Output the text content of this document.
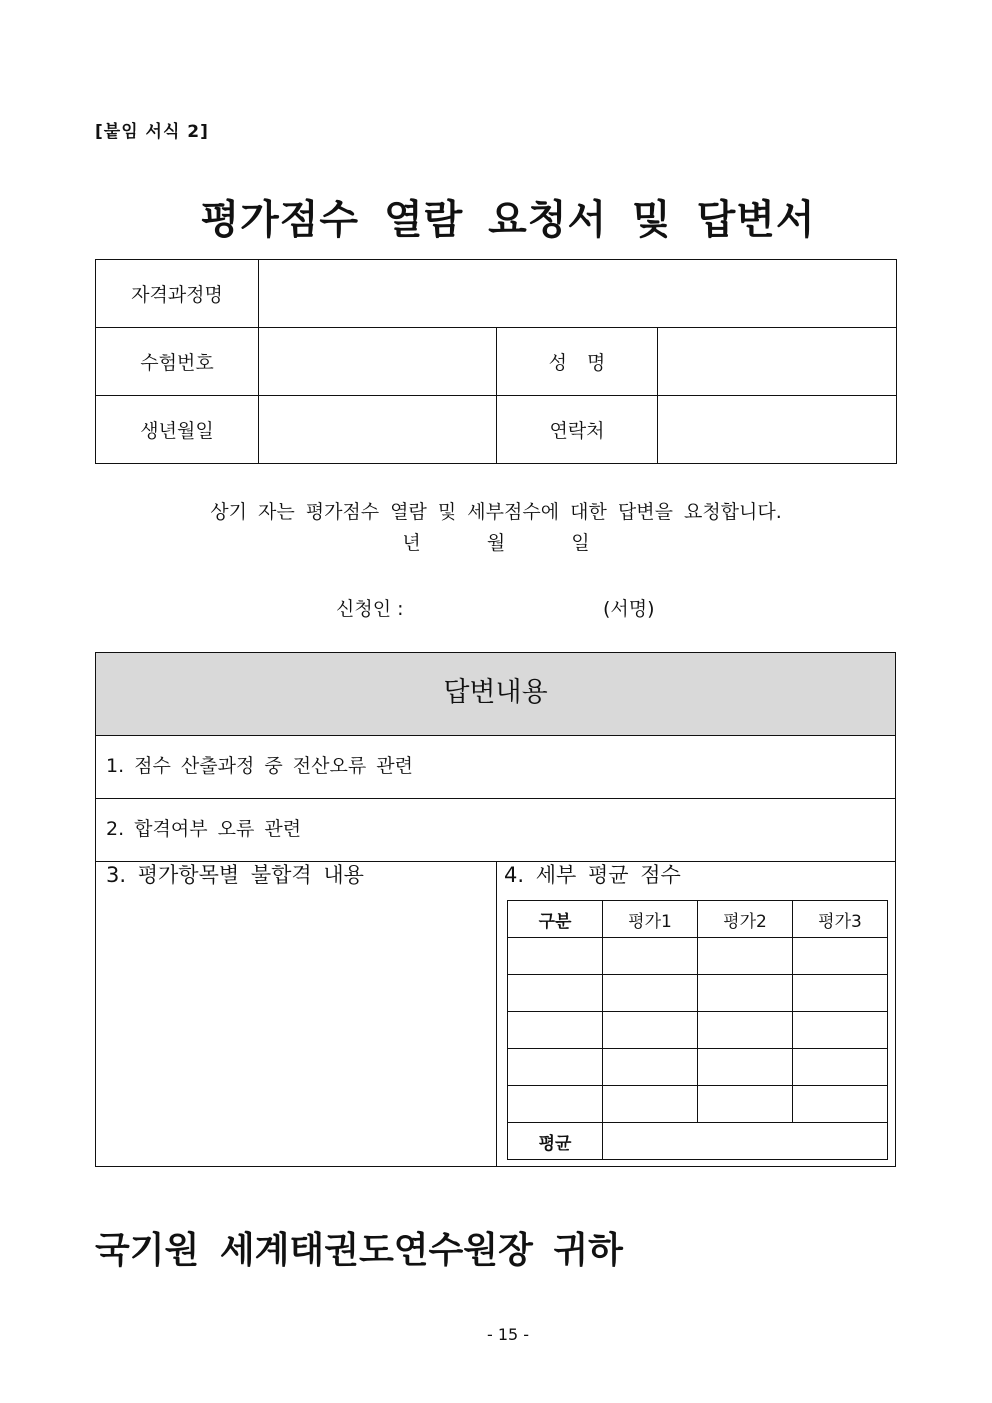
[붙임 서식 2]
평가점수 열람 요청서 및 답변서
자격과정명			
수험번호		성 명	
생년월일		연락처	
상기 자는 평가점수 열람 및 세부점수에 대한 답변을 요청합니다.
년	월	일
신청인 :	(서명)
답변내용
1. 점수 산출과정 중 전산오류 관련
2. 합격여부 오류 관련
3. 평가항목별 불합격 내용	4. 세부 평균 점수
구분	평가1	평가2	평가3

평균			
국기원 세계태권도연수원장 귀하
- 15 -
